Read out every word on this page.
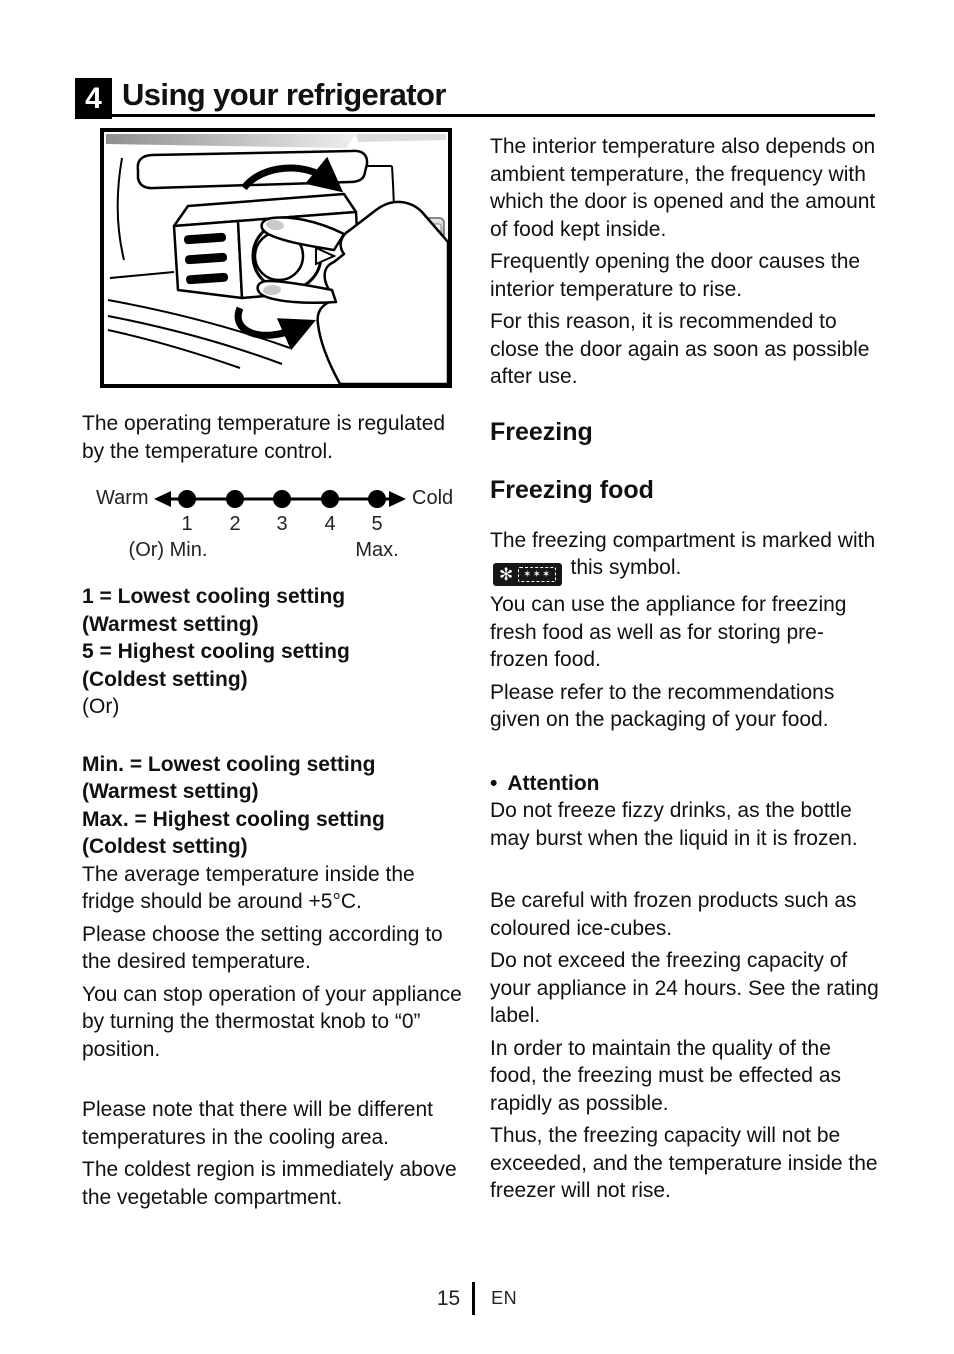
4 Using your refrigerator

The interior temperature also depends on ambient temperature, the frequency with which the door is opened and the amount of food kept inside.

Frequently opening the door causes the interior temperature to rise.

For this reason, it is recommended to close the door again as soon as possible after use.

Freezing
Freezing food

The freezing compartment is marked with
✻	✶✶✶ this symbol.

You can use the appliance for freezing fresh food as well as for storing pre-frozen food.

Please refer to the recommendations given on the packaging of your food.

• Attention

Do not freeze fizzy drinks, as the bottle may burst when the liquid in it is frozen.

Be careful with frozen products such as coloured ice-cubes.

Do not exceed the freezing capacity of your appliance in 24 hours. See the rating label.

In order to maintain the quality of the food, the freezing must be effected as rapidly as possible.

Thus, the freezing capacity will not be exceeded, and the temperature inside the freezer will not rise.

The operating temperature is regulated by the temperature control.

Warm	Cold
1 2 3 4 5
(Or) Min.	Max.
1 = Lowest cooling setting
(Warmest setting)
5 = Highest cooling setting
(Coldest setting)

(Or)

Min. = Lowest cooling setting
(Warmest setting)
Max. = Highest cooling setting
(Coldest setting)

The average temperature inside the fridge should be around +5°C.

Please choose the setting according to the desired temperature.

You can stop operation of your appliance by turning the thermostat knob to “0” position.

Please note that there will be different temperatures in the cooling area.

The coldest region is immediately above the vegetable compartment.

15 EN
